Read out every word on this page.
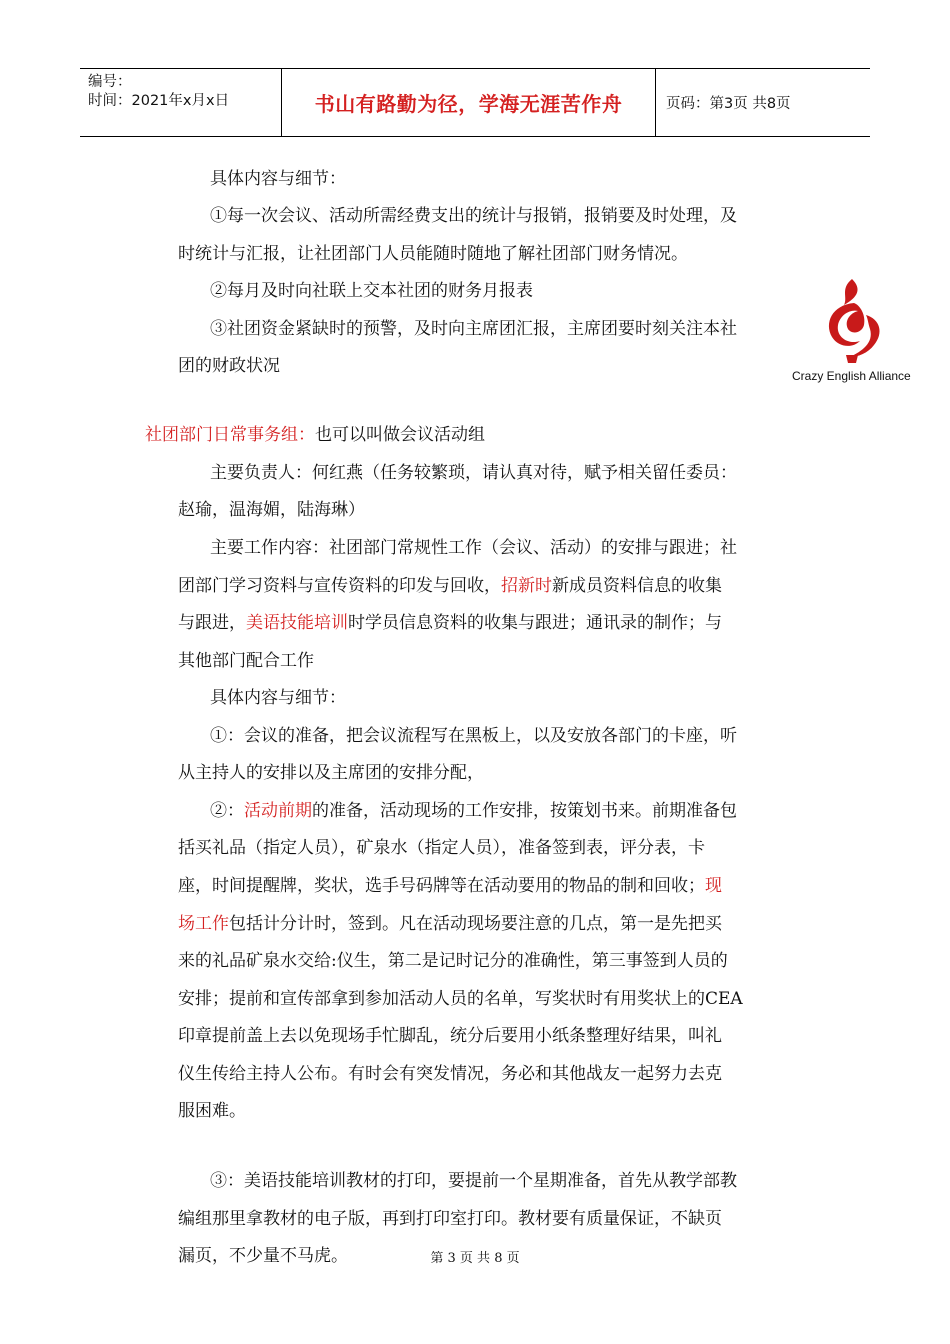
编号：
时间：2021年x月x日	书山有路勤为径，学海无涯苦作舟	页码：第3页 共8页
Crazy English Alliance
具体内容与细节：
①每一次会议、活动所需经费支出的统计与报销，报销要及时处理，及
时统计与汇报，让社团部门人员能随时随地了解社团部门财务情况。
②每月及时向社联上交本社团的财务月报表
③社团资金紧缺时的预警，及时向主席团汇报，主席团要时刻关注本社
团的财政状况
社团部门日常事务组：也可以叫做会议活动组
主要负责人：何红燕（任务较繁琐，请认真对待，赋予相关留任委员：
赵瑜，温海媚，陆海琳）
主要工作内容：社团部门常规性工作（会议、活动）的安排与跟进；社
团部门学习资料与宣传资料的印发与回收，招新时新成员资料信息的收集
与跟进，美语技能培训时学员信息资料的收集与跟进；通讯录的制作；与
其他部门配合工作
具体内容与细节：
①：会议的准备，把会议流程写在黑板上，以及安放各部门的卡座，听
从主持人的安排以及主席团的安排分配，
②：活动前期的准备，活动现场的工作安排，按策划书来。前期准备包
括买礼品（指定人员），矿泉水（指定人员），准备签到表，评分表，卡
座，时间提醒牌，奖状，选手号码牌等在活动要用的物品的制和回收；现
场工作包括计分计时，签到。凡在活动现场要注意的几点，第一是先把买
来的礼品矿泉水交给:仪生，第二是记时记分的准确性，第三事签到人员的
安排；提前和宣传部拿到参加活动人员的名单，写奖状时有用奖状上的CEA
印章提前盖上去以免现场手忙脚乱，统分后要用小纸条整理好结果，叫礼
仪生传给主持人公布。有时会有突发情况，务必和其他战友一起努力去克
服困难。
③：美语技能培训教材的打印，要提前一个星期准备，首先从教学部教
编组那里拿教材的电子版，再到打印室打印。教材要有质量保证，不缺页
漏页，不少量不马虎。	第 3 页 共 8 页
